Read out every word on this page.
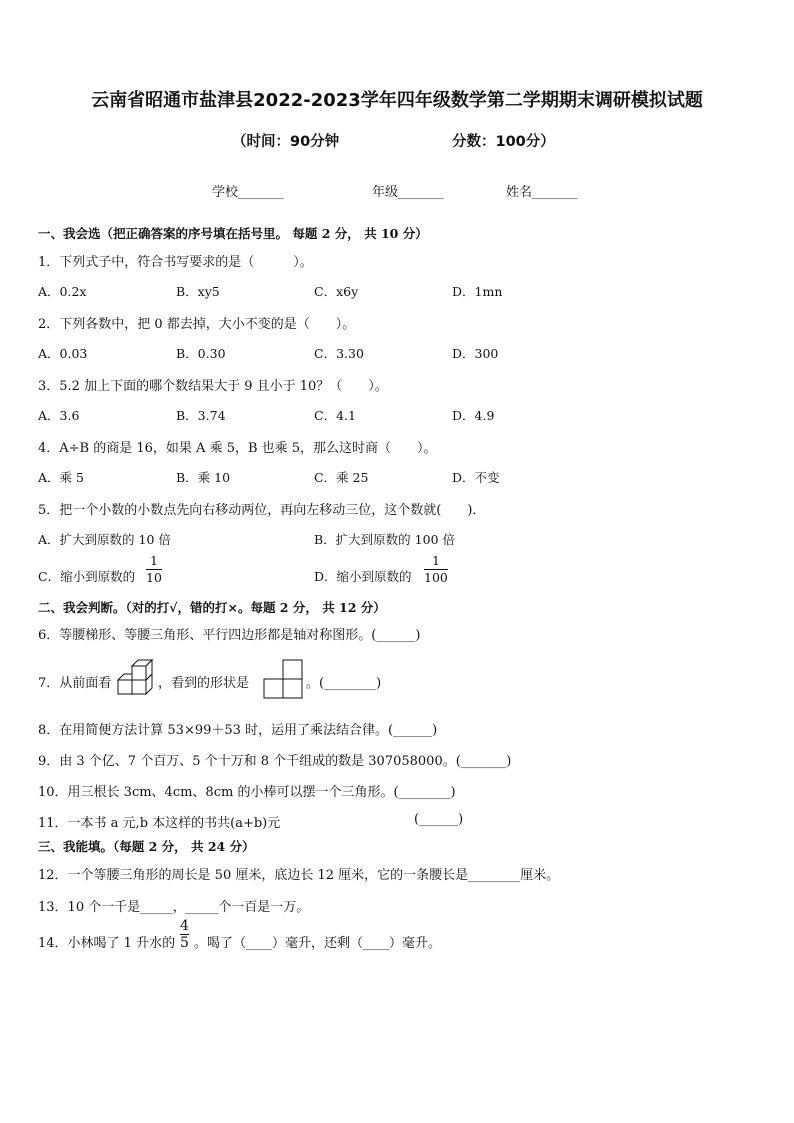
云南省昭通市盐津县2022-2023学年四年级数学第二学期期末调研模拟试题
（时间：90分钟	分数：100分）
学校_______	年级_______	姓名_______
一、我会选（把正确答案的序号填在括号里。 每题 2 分， 共 10 分）
1．下列式子中，符合书写要求的是（　　　）。
A．0.2x	B．xy5	C．x6y	D．1mn
2．下列各数中，把 0 都去掉，大小不变的是（　　）。
A．0.03	B．0.30	C．3.30	D．300
3．5.2 加上下面的哪个数结果大于 9 且小于 10？（　　）。
A．3.6	B．3.74	C．4.1	D．4.9
4．A÷B 的商是 16，如果 A 乘 5，B 也乘 5，那么这时商（　　）。
A．乘 5	B．乘 10	C．乘 25	D．不变
5．把一个小数的小数点先向右移动两位，再向左移动三位，这个数就(　　)．
A．扩大到原数的 10 倍	B．扩大到原数的 100 倍
C．缩小到原数的
1
10	D．缩小到原数的
1
100
二、我会判断。（对的打√，错的打×。每题 2 分， 共 12 分）
6．等腰梯形、等腰三角形、平行四边形都是轴对称图形。(______)
7．从前面看	，看到的形状是	。(________)
8．在用简便方法计算 53×99＋53 时，运用了乘法结合律。(______)
9．由 3 个亿、7 个百万、5 个十万和 8 个千组成的数是 307058000。(_______)
10．用三根长 3cm、4cm、8cm 的小棒可以摆一个三角形。(________)
11．一本书 a 元,b 本这样的书共(a+b)元	(______)
三、我能填。（每题 2 分， 共 24 分）
12．一个等腰三角形的周长是 50 厘米，底边长 12 厘米，它的一条腰长是________厘米。
13．10 个一千是_____，_____个一百是一万。
14．小林喝了 1 升水的
4
5 。喝了（____）毫升，还剩（____）毫升。
